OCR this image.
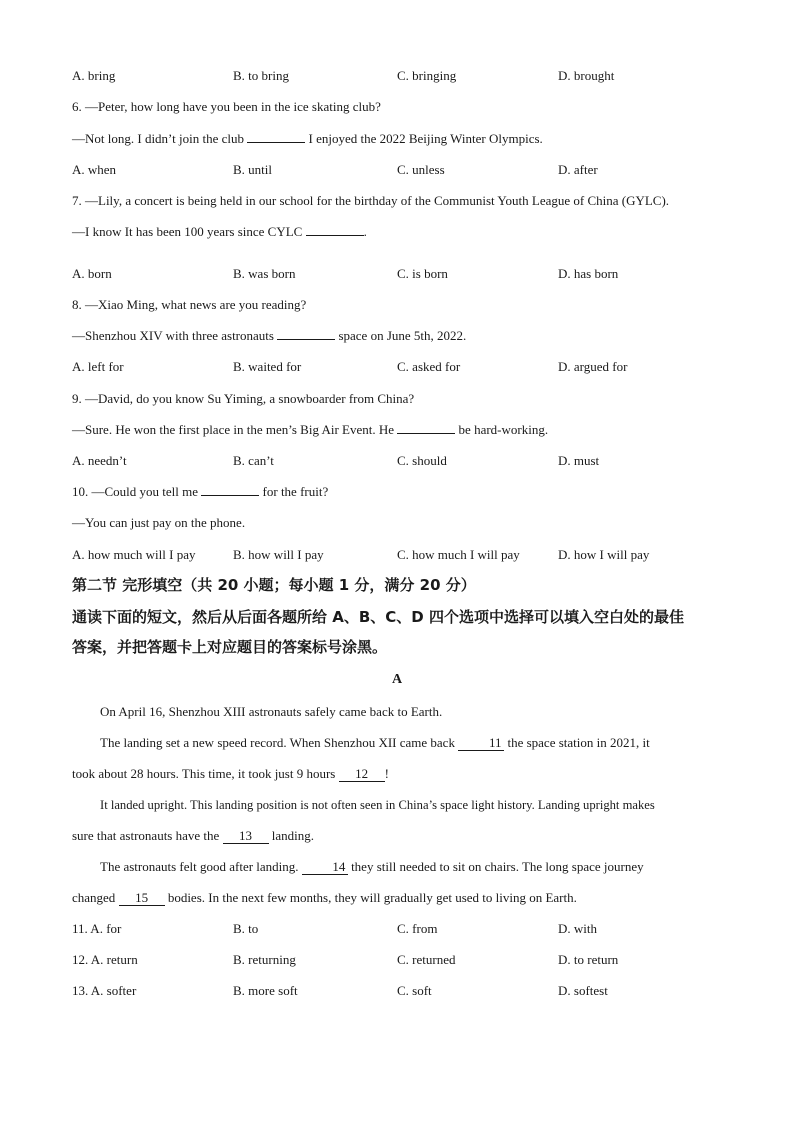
A. bring	B. to bring	C. bringing	D. brought
6. —Peter, how long have you been in the ice skating club?
—Not long. I didn’t join the club	I enjoyed the 2022 Beijing Winter Olympics.
A. when	B. until	C. unless	D. after
7. —Lily, a concert is being held in our school for the birthday of the Communist Youth League of China (GYLC).
—I know It has been 100 years since CYLC	.
A. born	B. was born	C. is born	D. has born
8. —Xiao Ming, what news are you reading?
—Shenzhou XIV with three astronauts	space on June 5th, 2022.
A. left for	B. waited for	C. asked for	D. argued for
9. —David, do you know Su Yiming, a snowboarder from China?
—Sure. He won the first place in the men’s Big Air Event. He	be hard-working.
A. needn’t	B. can’t	C. should	D. must
10. —Could you tell me	for the fruit?
—You can just pay on the phone.
A. how much will I pay	B. how will I pay	C. how much I will pay	D. how I will pay
第二节 完形填空（共 20 小题；每小题 1 分，满分 20 分）
通读下面的短文，然后从后面各题所给 A、B、C、D 四个选项中选择可以填入空白处的最佳
答案，并把答题卡上对应题目的答案标号涂黑。
A
On April 16, Shenzhou XIII astronauts safely came back to Earth.
The landing set a new speed record. When Shenzhou XII came back	11 the space station in 2021, it
took about 28 hours. This time, it took just 9 hours 12 !
It landed upright. This landing position is not often seen in China’s space light history. Landing upright makes
sure that astronauts have the 13 landing.
The astronauts felt good after landing.	14 they still needed to sit on chairs. The long space journey
changed 15 bodies. In the next few months, they will gradually get used to living on Earth.
11. A. for	B. to	C. from	D. with
12. A. return	B. returning	C. returned	D. to return
13. A. softer	B. more soft	C. soft	D. softest
